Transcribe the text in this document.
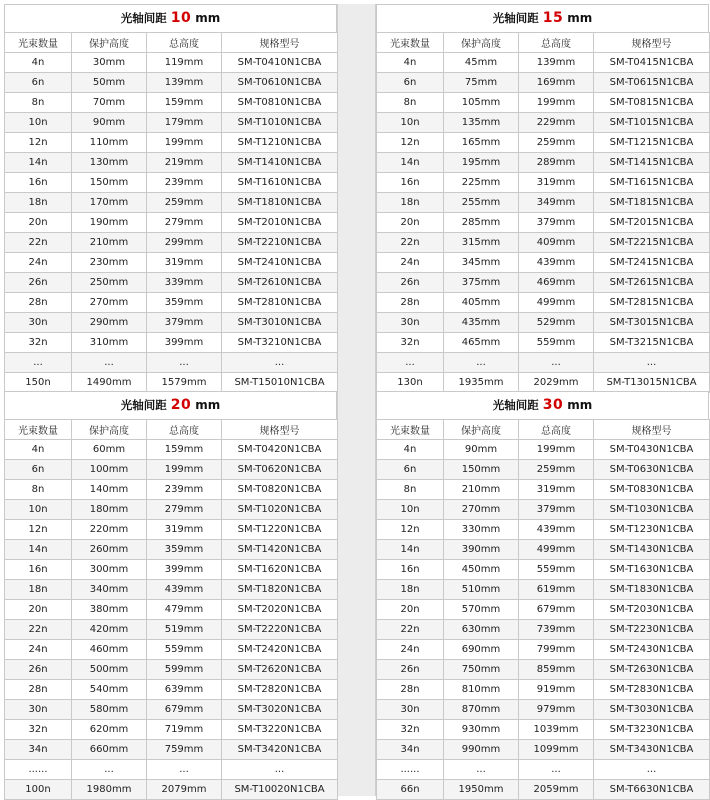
光轴间距 10 mm
光束数量	保护高度	总高度	规格型号
4n	30mm	119mm	SM-T0410N1CBA
6n	50mm	139mm	SM-T0610N1CBA
8n	70mm	159mm	SM-T0810N1CBA
10n	90mm	179mm	SM-T1010N1CBA
12n	110mm	199mm	SM-T1210N1CBA
14n	130mm	219mm	SM-T1410N1CBA
16n	150mm	239mm	SM-T1610N1CBA
18n	170mm	259mm	SM-T1810N1CBA
20n	190mm	279mm	SM-T2010N1CBA
22n	210mm	299mm	SM-T2210N1CBA
24n	230mm	319mm	SM-T2410N1CBA
26n	250mm	339mm	SM-T2610N1CBA
28n	270mm	359mm	SM-T2810N1CBA
30n	290mm	379mm	SM-T3010N1CBA
32n	310mm	399mm	SM-T3210N1CBA
...	...	...	...
150n	1490mm	1579mm	SM-T15010N1CBA
光轴间距 15 mm
光束数量	保护高度	总高度	规格型号
4n	45mm	139mm	SM-T0415N1CBA
6n	75mm	169mm	SM-T0615N1CBA
8n	105mm	199mm	SM-T0815N1CBA
10n	135mm	229mm	SM-T1015N1CBA
12n	165mm	259mm	SM-T1215N1CBA
14n	195mm	289mm	SM-T1415N1CBA
16n	225mm	319mm	SM-T1615N1CBA
18n	255mm	349mm	SM-T1815N1CBA
20n	285mm	379mm	SM-T2015N1CBA
22n	315mm	409mm	SM-T2215N1CBA
24n	345mm	439mm	SM-T2415N1CBA
26n	375mm	469mm	SM-T2615N1CBA
28n	405mm	499mm	SM-T2815N1CBA
30n	435mm	529mm	SM-T3015N1CBA
32n	465mm	559mm	SM-T3215N1CBA
...	...	...	...
130n	1935mm	2029mm	SM-T13015N1CBA
光轴间距 20 mm
光束数量	保护高度	总高度	规格型号
4n	60mm	159mm	SM-T0420N1CBA
6n	100mm	199mm	SM-T0620N1CBA
8n	140mm	239mm	SM-T0820N1CBA
10n	180mm	279mm	SM-T1020N1CBA
12n	220mm	319mm	SM-T1220N1CBA
14n	260mm	359mm	SM-T1420N1CBA
16n	300mm	399mm	SM-T1620N1CBA
18n	340mm	439mm	SM-T1820N1CBA
20n	380mm	479mm	SM-T2020N1CBA
22n	420mm	519mm	SM-T2220N1CBA
24n	460mm	559mm	SM-T2420N1CBA
26n	500mm	599mm	SM-T2620N1CBA
28n	540mm	639mm	SM-T2820N1CBA
30n	580mm	679mm	SM-T3020N1CBA
32n	620mm	719mm	SM-T3220N1CBA
34n	660mm	759mm	SM-T3420N1CBA
......	...	...	...
100n	1980mm	2079mm	SM-T10020N1CBA
光轴间距 30 mm
光束数量	保护高度	总高度	规格型号
4n	90mm	199mm	SM-T0430N1CBA
6n	150mm	259mm	SM-T0630N1CBA
8n	210mm	319mm	SM-T0830N1CBA
10n	270mm	379mm	SM-T1030N1CBA
12n	330mm	439mm	SM-T1230N1CBA
14n	390mm	499mm	SM-T1430N1CBA
16n	450mm	559mm	SM-T1630N1CBA
18n	510mm	619mm	SM-T1830N1CBA
20n	570mm	679mm	SM-T2030N1CBA
22n	630mm	739mm	SM-T2230N1CBA
24n	690mm	799mm	SM-T2430N1CBA
26n	750mm	859mm	SM-T2630N1CBA
28n	810mm	919mm	SM-T2830N1CBA
30n	870mm	979mm	SM-T3030N1CBA
32n	930mm	1039mm	SM-T3230N1CBA
34n	990mm	1099mm	SM-T3430N1CBA
......	...	...	...
66n	1950mm	2059mm	SM-T6630N1CBA
